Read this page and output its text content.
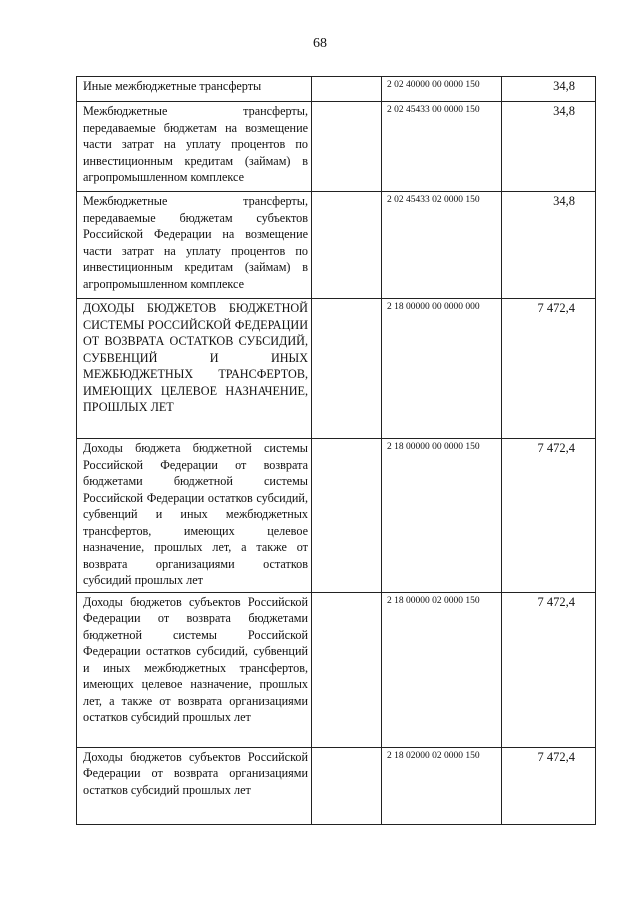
68
Иные межбюджетные трансферты		2 02 40000 00 0000 150	34,8

Межбюджетные трансферты, передаваемые бюджетам на возмещение части затрат на уплату процентов по инвестиционным кредитам (займам) в агропромышленном комплексе		2 02 45433 00 0000 150	34,8

Межбюджетные трансферты, передаваемые бюджетам субъектов Российской Федерации на возмещение части затрат на уплату процентов по инвестиционным кредитам (займам) в агропромышленном комплексе		2 02 45433 02 0000 150	34,8

ДОХОДЫ БЮДЖЕТОВ БЮДЖЕТНОЙ СИСТЕМЫ РОССИЙСКОЙ ФЕДЕРАЦИИ ОТ ВОЗВРАТА ОСТАТКОВ СУБСИДИЙ, СУБВЕНЦИЙ И ИНЫХ МЕЖБЮДЖЕТНЫХ ТРАНСФЕРТОВ, ИМЕЮЩИХ ЦЕЛЕВОЕ НАЗНАЧЕНИЕ, ПРОШЛЫХ ЛЕТ		2 18 00000 00 0000 000	7 472,4

Доходы бюджета бюджетной системы Российской Федерации от возврата бюджетами бюджетной системы Российской Федерации остатков субсидий, субвенций и иных межбюджетных трансфертов, имеющих целевое назначение, прошлых лет, а также от возврата организациями остатков субсидий прошлых лет		2 18 00000 00 0000 150	7 472,4

Доходы бюджетов субъектов Российской Федерации от возврата бюджетами бюджетной системы Российской Федерации остатков субсидий, субвенций и иных межбюджетных трансфертов, имеющих целевое назначение, прошлых лет, а также от возврата организациями остатков субсидий прошлых лет		2 18 00000 02 0000 150	7 472,4

Доходы бюджетов субъектов Российской Федерации от возврата организациями остатков субсидий прошлых лет		2 18 02000 02 0000 150	7 472,4
